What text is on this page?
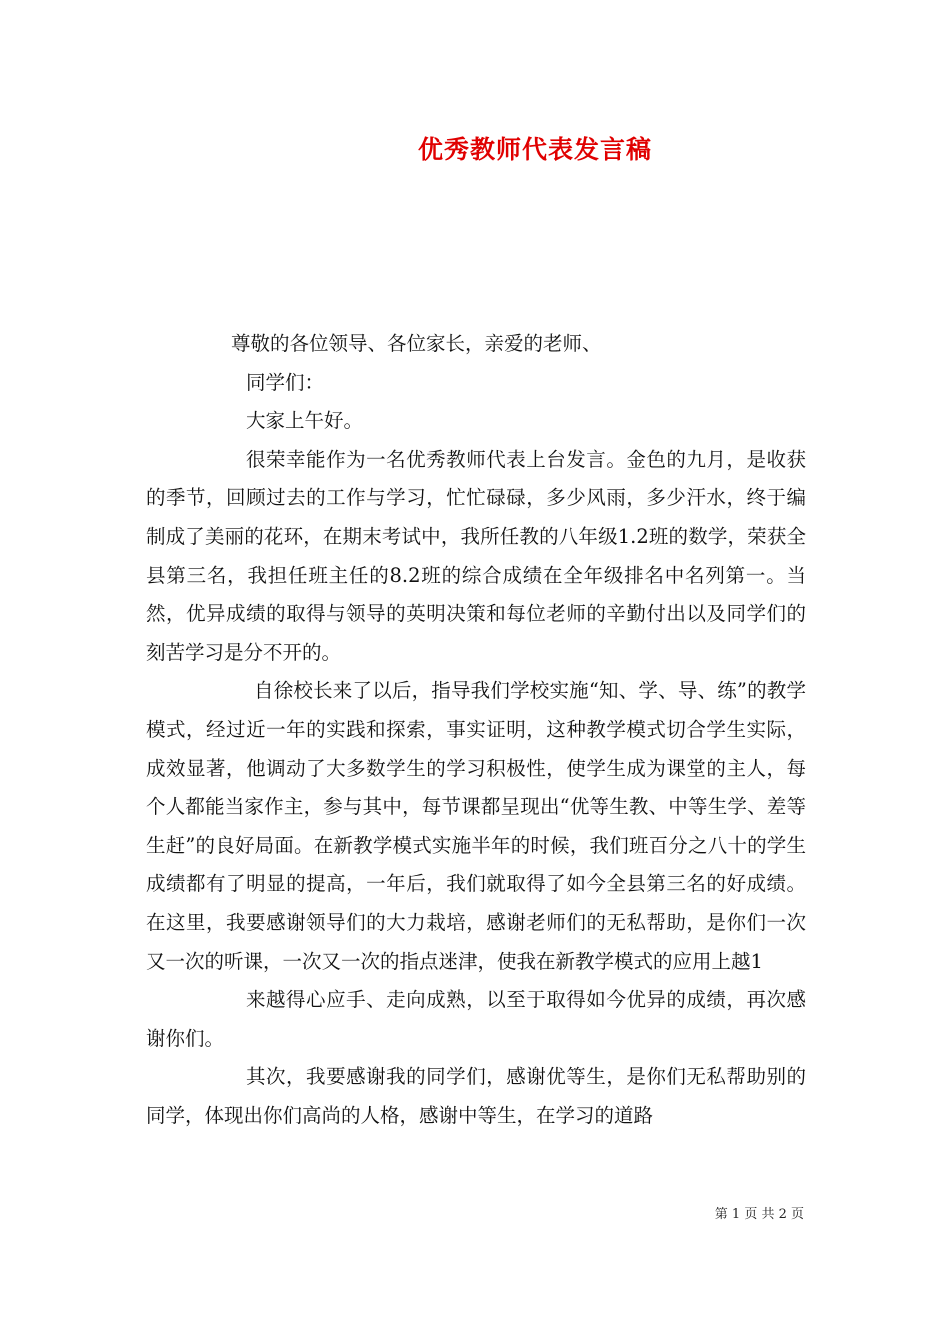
优秀教师代表发言稿

尊敬的各位领导、各位家长，亲爱的老师、

同学们：

大家上午好。

很荣幸能作为一名优秀教师代表上台发言。金色的九月，是收获的季节，回顾过去的工作与学习，忙忙碌碌，多少风雨，多少汗水，终于编制成了美丽的花环，在期末考试中，我所任教的八年级1.2班的数学，荣获全县第三名，我担任班主任的8.2班的综合成绩在全年级排名中名列第一。当然，优异成绩的取得与领导的英明决策和每位老师的辛勤付出以及同学们的刻苦学习是分不开的。

自徐校长来了以后，指导我们学校实施“知、学、导、练”的教学模式，经过近一年的实践和探索，事实证明，这种教学模式切合学生实际，成效显著，他调动了大多数学生的学习积极性，使学生成为课堂的主人，每个人都能当家作主，参与其中，每节课都呈现出“优等生教、中等生学、差等生赶”的良好局面。在新教学模式实施半年的时候，我们班百分之八十的学生成绩都有了明显的提高，一年后，我们就取得了如今全县第三名的好成绩。在这里，我要感谢领导们的大力栽培，感谢老师们的无私帮助，是你们一次又一次的听课，一次又一次的指点迷津，使我在新教学模式的应用上越1

来越得心应手、走向成熟，以至于取得如今优异的成绩，再次感谢你们。

其次，我要感谢我的同学们，感谢优等生，是你们无私帮助别的同学，体现出你们高尚的人格，感谢中等生，在学习的道路

第 1 页 共 2 页
